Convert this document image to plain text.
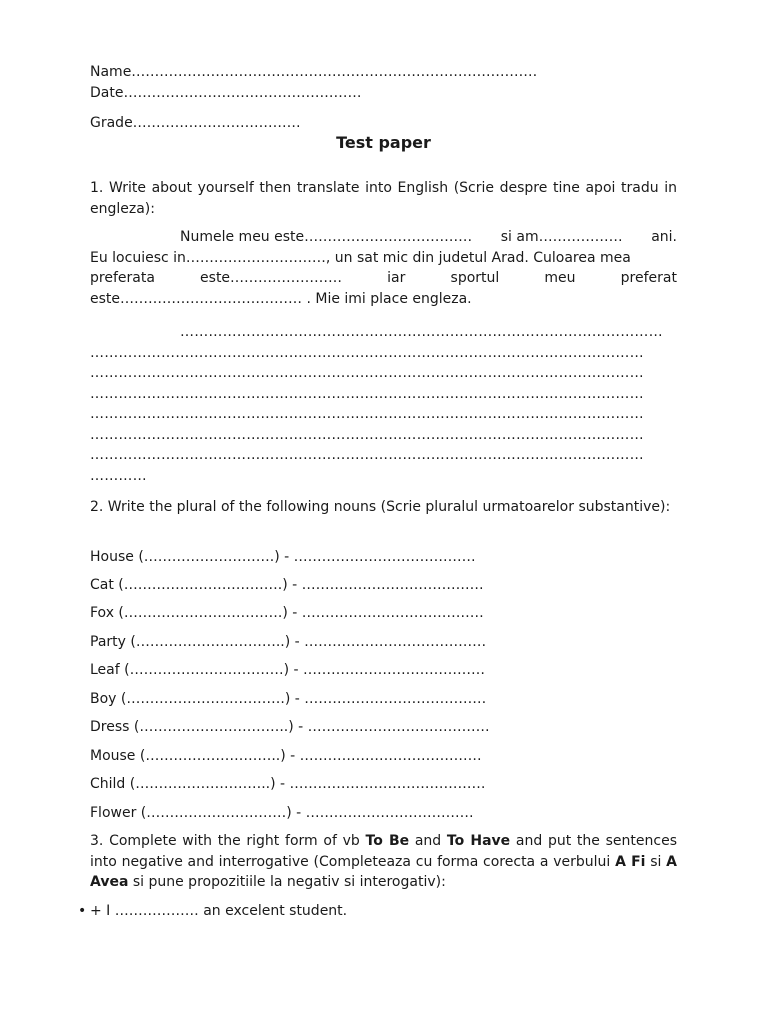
Name……………………………………………………………………………
Date……………………………………………
Grade………………………………
Test paper
1. Write about yourself then translate into English (Scrie despre tine apoi tradu in engleza):
Numele meu este……………………………… si am……………… ani.
Eu locuiesc in…………………………, un sat mic din judetul Arad. Culoarea mea
preferata	este……………………	iar	sportul	meu	preferat
este………………………………… . Mie imi place engleza.
…………………………………………………………………………………………
………………………………………………………………………………………………………
………………………………………………………………………………………………………
………………………………………………………………………………………………………
………………………………………………………………………………………………………
………………………………………………………………………………………………………
………………………………………………………………………………………………………
…………
2. Write the plural of the following nouns (Scrie pluralul urmatoarelor substantive):
House (……………………….) - …………………………………
Cat (…………………………….) - …………………………………
Fox (…………………………….) - …………………………………
Party (…………………………..) - …………………………………
Leaf (……………………………) - …………………………………
Boy (…………………………….) - …………………………………
Dress (…………………………..) - …………………………………
Mouse (………………………..) - …………………………………
Child (………………………..) - ……………………………………
Flower (…………………………) - ………………………………
3. Complete with the right form of vb To Be and To Have and put the sentences into negative and interrogative (Completeaza cu forma corecta a verbului A Fi si A Avea si pune propozitiile la negativ si interogativ):
• + I ……………… an excelent student.
